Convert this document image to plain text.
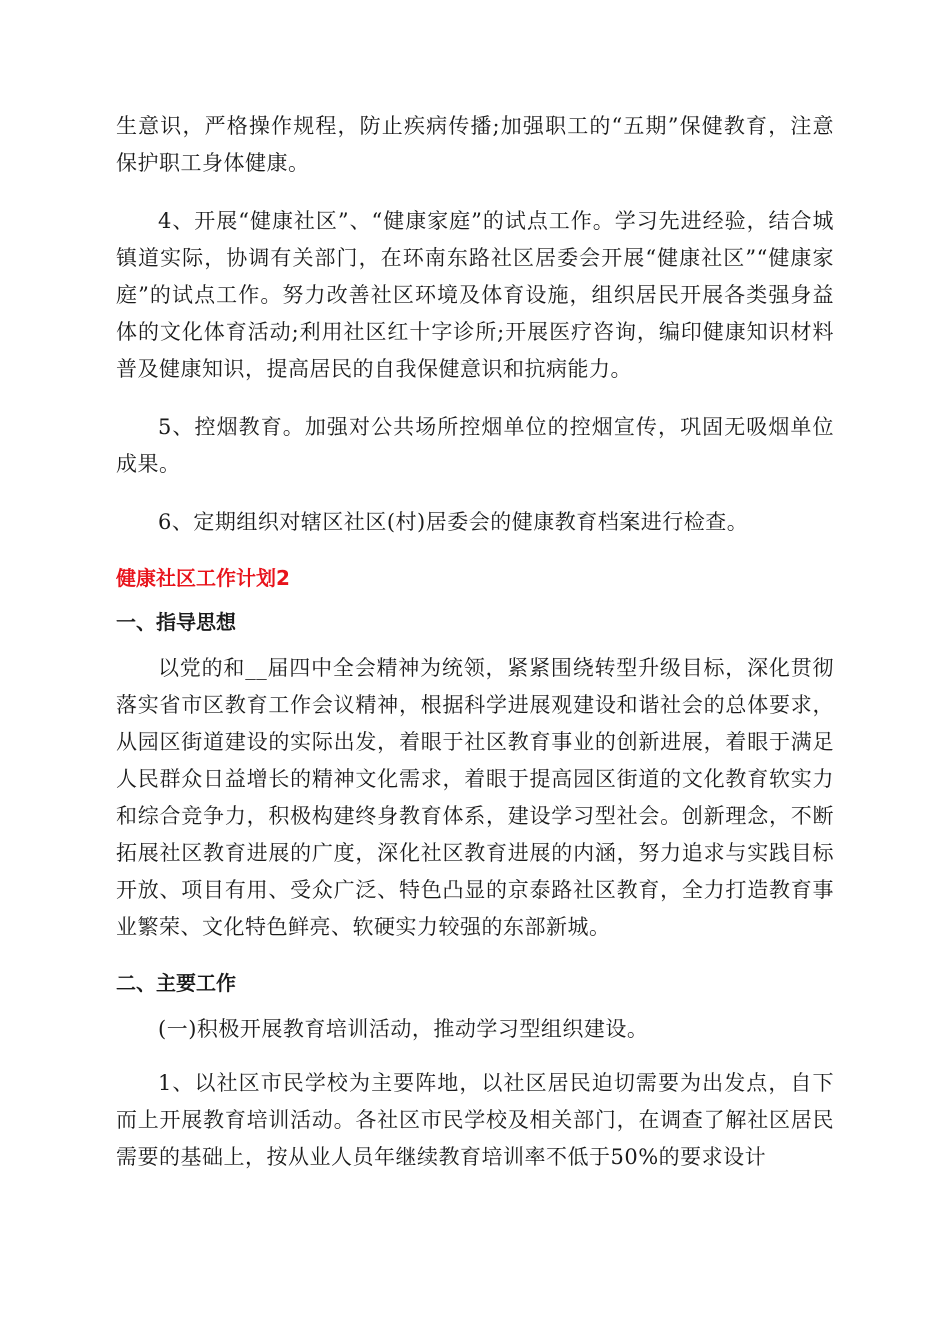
生意识，严格操作规程，防止疾病传播;加强职工的“五期”保健教育，注意保护职工身体健康。

4、开展“健康社区”、“健康家庭”的试点工作。学习先进经验，结合城镇道实际，协调有关部门，在环南东路社区居委会开展“健康社区”“健康家庭”的试点工作。努力改善社区环境及体育设施，组织居民开展各类强身益体的文化体育活动;利用社区红十字诊所;开展医疗咨询，编印健康知识材料普及健康知识，提高居民的自我保健意识和抗病能力。

5、控烟教育。加强对公共场所控烟单位的控烟宣传，巩固无吸烟单位成果。

6、定期组织对辖区社区(村)居委会的健康教育档案进行检查。

健康社区工作计划2
一、指导思想

以党的和__届四中全会精神为统领，紧紧围绕转型升级目标，深化贯彻落实省市区教育工作会议精神，根据科学进展观建设和谐社会的总体要求，从园区街道建设的实际出发，着眼于社区教育事业的创新进展，着眼于满足人民群众日益增长的精神文化需求，着眼于提高园区街道的文化教育软实力和综合竞争力，积极构建终身教育体系，建设学习型社会。创新理念，不断拓展社区教育进展的广度，深化社区教育进展的内涵，努力追求与实践目标开放、项目有用、受众广泛、特色凸显的京泰路社区教育，全力打造教育事业繁荣、文化特色鲜亮、软硬实力较强的东部新城。

二、主要工作

(一)积极开展教育培训活动，推动学习型组织建设。

1、以社区市民学校为主要阵地，以社区居民迫切需要为出发点，自下而上开展教育培训活动。各社区市民学校及相关部门，在调查了解社区居民需要的基础上，按从业人员年继续教育培训率不低于50%的要求设计
